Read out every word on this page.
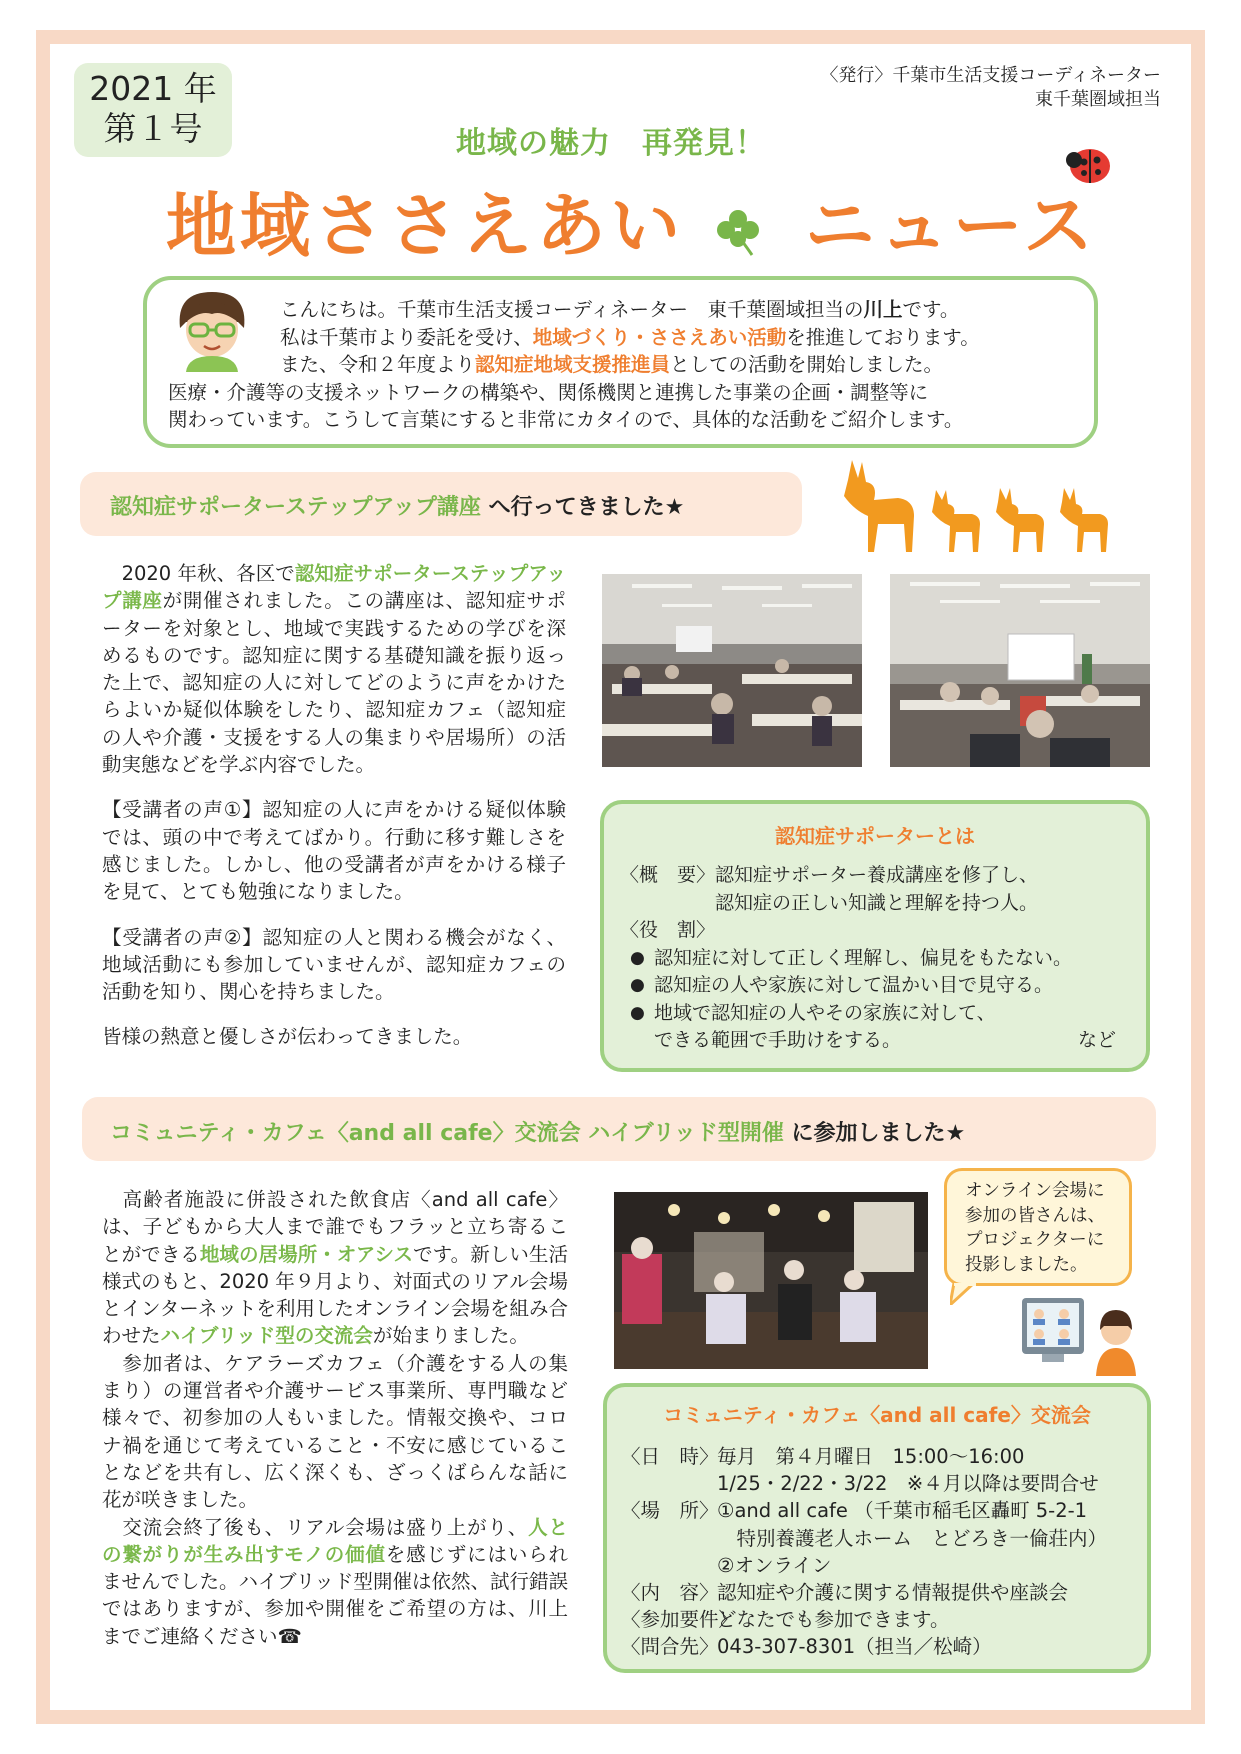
2021 年
第１号
〈発行〉千葉市生活支援コーディネーター
東千葉圏域担当
地域の魅力　再発見！
地域ささえあい ニュース
こんにちは。千葉市生活支援コーディネーター　東千葉圏域担当の川上です。
私は千葉市より委託を受け、地域づくり・ささえあい活動を推進しております。
また、令和２年度より認知症地域支援推進員としての活動を開始しました。
医療・介護等の支援ネットワークの構築や、関係機関と連携した事業の企画・調整等に
関わっています。こうして言葉にすると非常にカタイので、具体的な活動をご紹介します。
認知症サポーターステップアップ講座 へ行ってきました★

　2020 年秋、各区で認知症サポーターステップアップ講座が開催されました。この講座は、認知症サポーターを対象とし、地域で実践するための学びを深めるものです。認知症に関する基礎知識を振り返った上で、認知症の人に対してどのように声をかけたらよいか疑似体験をしたり、認知症カフェ（認知症の人や介護・支援をする人の集まりや居場所）の活動実態などを学ぶ内容でした。

【受講者の声①】認知症の人に声をかける疑似体験では、頭の中で考えてばかり。行動に移す難しさを感じました。しかし、他の受講者が声をかける様子を見て、とても勉強になりました。

【受講者の声②】認知症の人と関わる機会がなく、地域活動にも参加していませんが、認知症カフェの活動を知り、関心を持ちました。

皆様の熱意と優しさが伝わってきました。

認知症サポーターとは
〈概　要〉認知症サポーター養成講座を修了し、
認知症の正しい知識と理解を持つ人。
〈役　割〉
● 認知症に対して正しく理解し、偏見をもたない。
● 認知症の人や家族に対して温かい目で見守る。
● 地域で認知症の人やその家族に対して、
できる範囲で手助けをする。	など
コミュニティ・カフェ〈and all cafe〉交流会 ハイブリッド型開催 に参加しました★

　高齢者施設に併設された飲食店〈and all cafe〉は、子どもから大人まで誰でもフラッと立ち寄ることができる地域の居場所・オアシスです。新しい生活様式のもと、2020 年９月より、対面式のリアル会場とインターネットを利用したオンライン会場を組み合わせたハイブリッド型の交流会が始まりました。

　参加者は、ケアラーズカフェ（介護をする人の集まり）の運営者や介護サービス事業所、専門職など様々で、初参加の人もいました。情報交換や、コロナ禍を通じて考えていること・不安に感じていることなどを共有し、広く深くも、ざっくばらんな話に花が咲きました。

　交流会終了後も、リアル会場は盛り上がり、人との繋がりが生み出すモノの価値を感じずにはいられませんでした。ハイブリッド型開催は依然、試行錯誤ではありますが、参加や開催をご希望の方は、川上までご連絡ください☎

オンライン会場に参加の皆さんは、プロジェクターに投影しました。
コミュニティ・カフェ〈and all cafe〉交流会
〈日　時〉
毎月　第４月曜日　15:00～16:00
1/25・2/22・3/22　※４月以降は要問合せ
〈場　所〉
①and all cafe （千葉市稲毛区轟町 5-2-1
　特別養護老人ホーム　とどろき一倫荘内）
②オンライン
〈内　容〉
認知症や介護に関する情報提供や座談会
〈参加要件〉
どなたでも参加できます。
〈問合先〉
043-307-8301（担当／松崎）
